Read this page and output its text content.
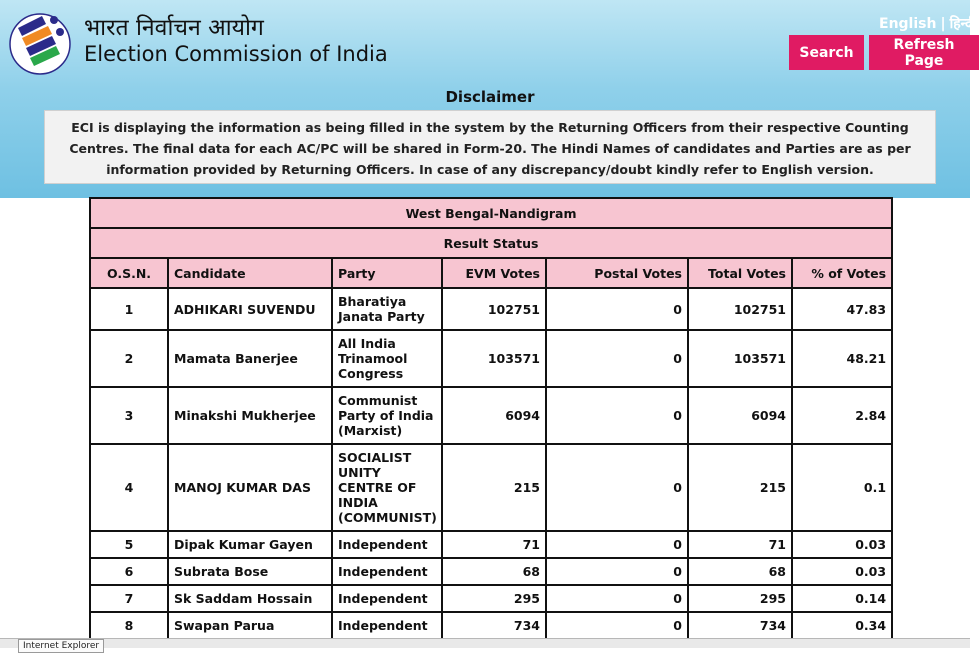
भारत निर्वाचन आयोग
Election Commission of India
English | हिन्दी
Search	Refresh Page
Disclaimer
ECI is displaying the information as being filled in the system by the Returning Officers from their respective Counting Centres. The final data for each AC/PC will be shared in Form-20. The Hindi Names of candidates and Parties are as per information provided by Returning Officers. In case of any discrepancy/doubt kindly refer to English version.
West Bengal-Nandigram						
Result Status						
O.S.N.	Candidate	Party	EVM Votes	Postal Votes	Total Votes	% of Votes
1	ADHIKARI SUVENDU	Bharatiya Janata Party	102751	0	102751	47.83
2	Mamata Banerjee	All India Trinamool Congress	103571	0	103571	48.21
3	Minakshi Mukherjee	Communist Party of India (Marxist)	6094	0	6094	2.84
4	MANOJ KUMAR DAS	SOCIALIST UNITY CENTRE OF INDIA (COMMUNIST)	215	0	215	0.1
5	Dipak Kumar Gayen	Independent	71	0	71	0.03
6	Subrata Bose	Independent	68	0	68	0.03
7	Sk Saddam Hossain	Independent	295	0	295	0.14
8	Swapan Parua	Independent	734	0	734	0.34
Internet Explorer
